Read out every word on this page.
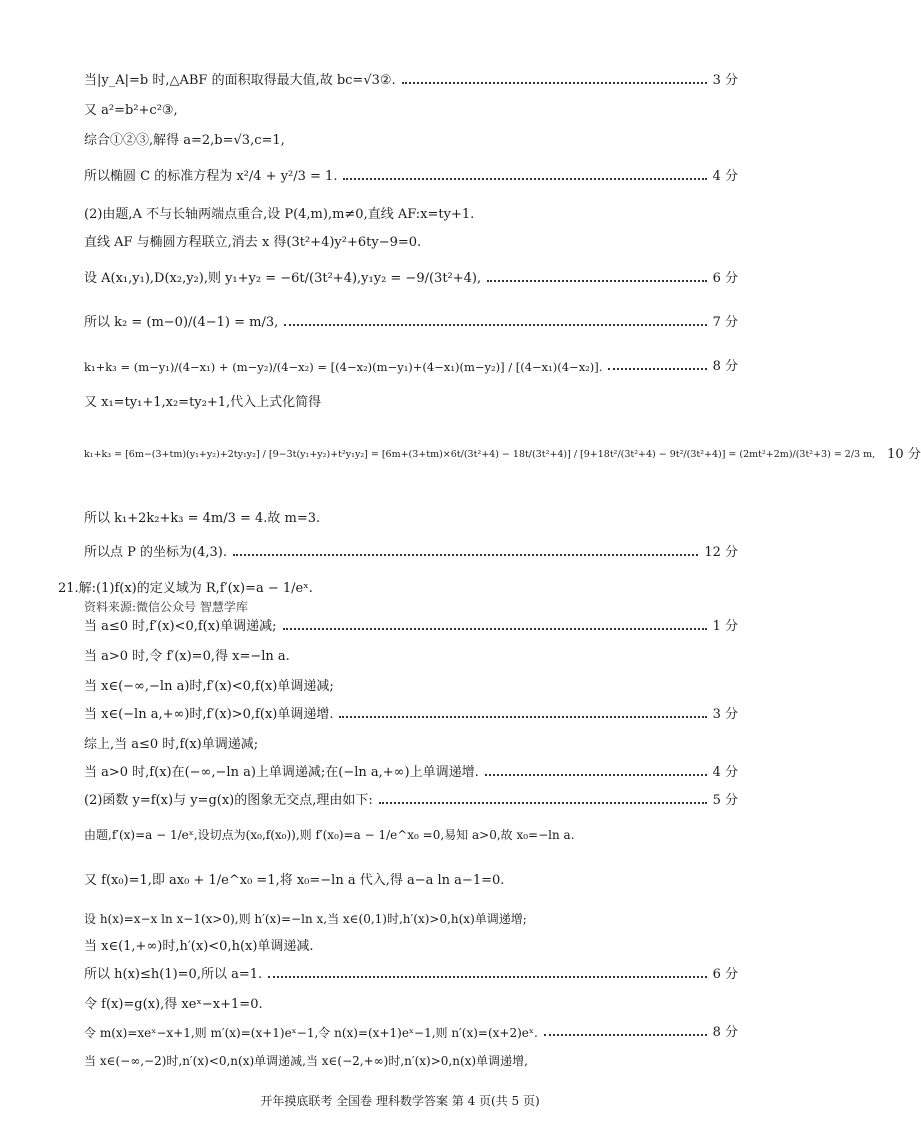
当|y_A|=b 时,△ABF 的面积取得最大值,故 bc=√3②.	3 分
又 a²=b²+c²③,
综合①②③,解得 a=2,b=√3,c=1,
所以椭圆 C 的标准方程为 x²/4 + y²/3 = 1.	4 分
(2)由题,A 不与长轴两端点重合,设 P(4,m),m≠0,直线 AF:x=ty+1.
直线 AF 与椭圆方程联立,消去 x 得(3t²+4)y²+6ty−9=0.
设 A(x₁,y₁),D(x₂,y₂),则 y₁+y₂ = −6t/(3t²+4),y₁y₂ = −9/(3t²+4),	6 分
所以 k₂ = (m−0)/(4−1) = m/3,	7 分
k₁+k₃ = (m−y₁)/(4−x₁) + (m−y₂)/(4−x₂) = [(4−x₂)(m−y₁)+(4−x₁)(m−y₂)] / [(4−x₁)(4−x₂)].	8 分
又 x₁=ty₁+1,x₂=ty₂+1,代入上式化简得
k₁+k₃ = [6m−(3+tm)(y₁+y₂)+2ty₁y₂] / [9−3t(y₁+y₂)+t²y₁y₂] = [6m+(3+tm)×6t/(3t²+4) − 18t/(3t²+4)] / [9+18t²/(3t²+4) − 9t²/(3t²+4)] = (2mt²+2m)/(3t²+3) = 2/3 m, 10 分
所以 k₁+2k₂+k₃ = 4m/3 = 4.故 m=3.
所以点 P 的坐标为(4,3).	12 分
21.解:(1)f(x)的定义域为 R,f′(x)=a − 1/eˣ.
资料来源:微信公众号 智慧学库
当 a≤0 时,f′(x)<0,f(x)单调递减;	1 分
当 a>0 时,令 f′(x)=0,得 x=−ln a.
当 x∈(−∞,−ln a)时,f′(x)<0,f(x)单调递减;
当 x∈(−ln a,+∞)时,f′(x)>0,f(x)单调递增.	3 分
综上,当 a≤0 时,f(x)单调递减;
当 a>0 时,f(x)在(−∞,−ln a)上单调递减;在(−ln a,+∞)上单调递增.	4 分
(2)函数 y=f(x)与 y=g(x)的图象无交点,理由如下:	5 分
由题,f′(x)=a − 1/eˣ,设切点为(x₀,f(x₀)),则 f′(x₀)=a − 1/e^x₀ =0,易知 a>0,故 x₀=−ln a.
又 f(x₀)=1,即 ax₀ + 1/e^x₀ =1,将 x₀=−ln a 代入,得 a−a ln a−1=0.
设 h(x)=x−x ln x−1(x>0),则 h′(x)=−ln x,当 x∈(0,1)时,h′(x)>0,h(x)单调递增;
当 x∈(1,+∞)时,h′(x)<0,h(x)单调递减.
所以 h(x)≤h(1)=0,所以 a=1.	6 分
令 f(x)=g(x),得 xeˣ−x+1=0.
令 m(x)=xeˣ−x+1,则 m′(x)=(x+1)eˣ−1,令 n(x)=(x+1)eˣ−1,则 n′(x)=(x+2)eˣ.	8 分
当 x∈(−∞,−2)时,n′(x)<0,n(x)单调递减,当 x∈(−2,+∞)时,n′(x)>0,n(x)单调递增,
开年摸底联考 全国卷 理科数学答案 第 4 页(共 5 页)
